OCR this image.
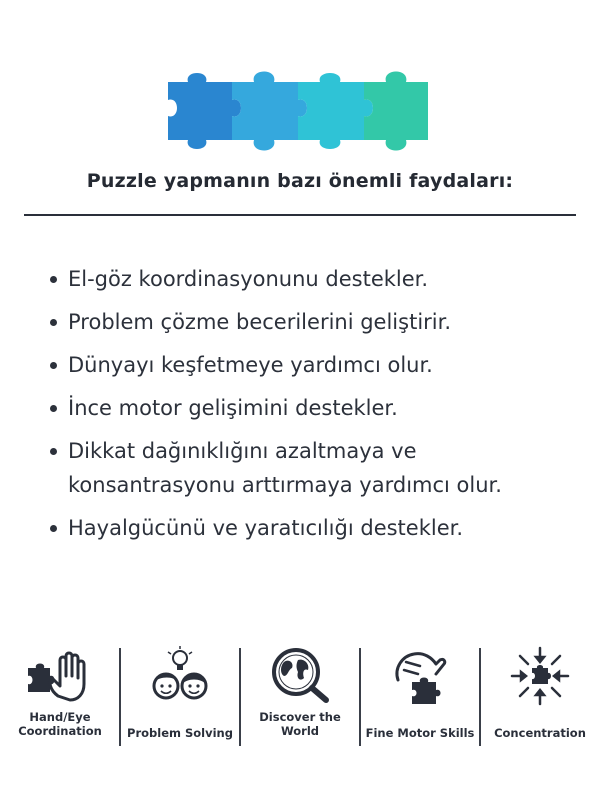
Puzzle yapmanın bazı önemli faydaları:
El-göz koordinasyonunu destekler.
Problem çözme becerilerini geliştirir.
Dünyayı keşfetmeye yardımcı olur.
İnce motor gelişimini destekler.
Dikkat dağınıklığını azaltmaya ve konsantrasyonu arttırmaya yardımcı olur.
Hayalgücünü ve yaratıcılığı destekler.
Hand/Eye
Coordination	Problem Solving
Discover the
World	Fine Motor Skills	Concentration
